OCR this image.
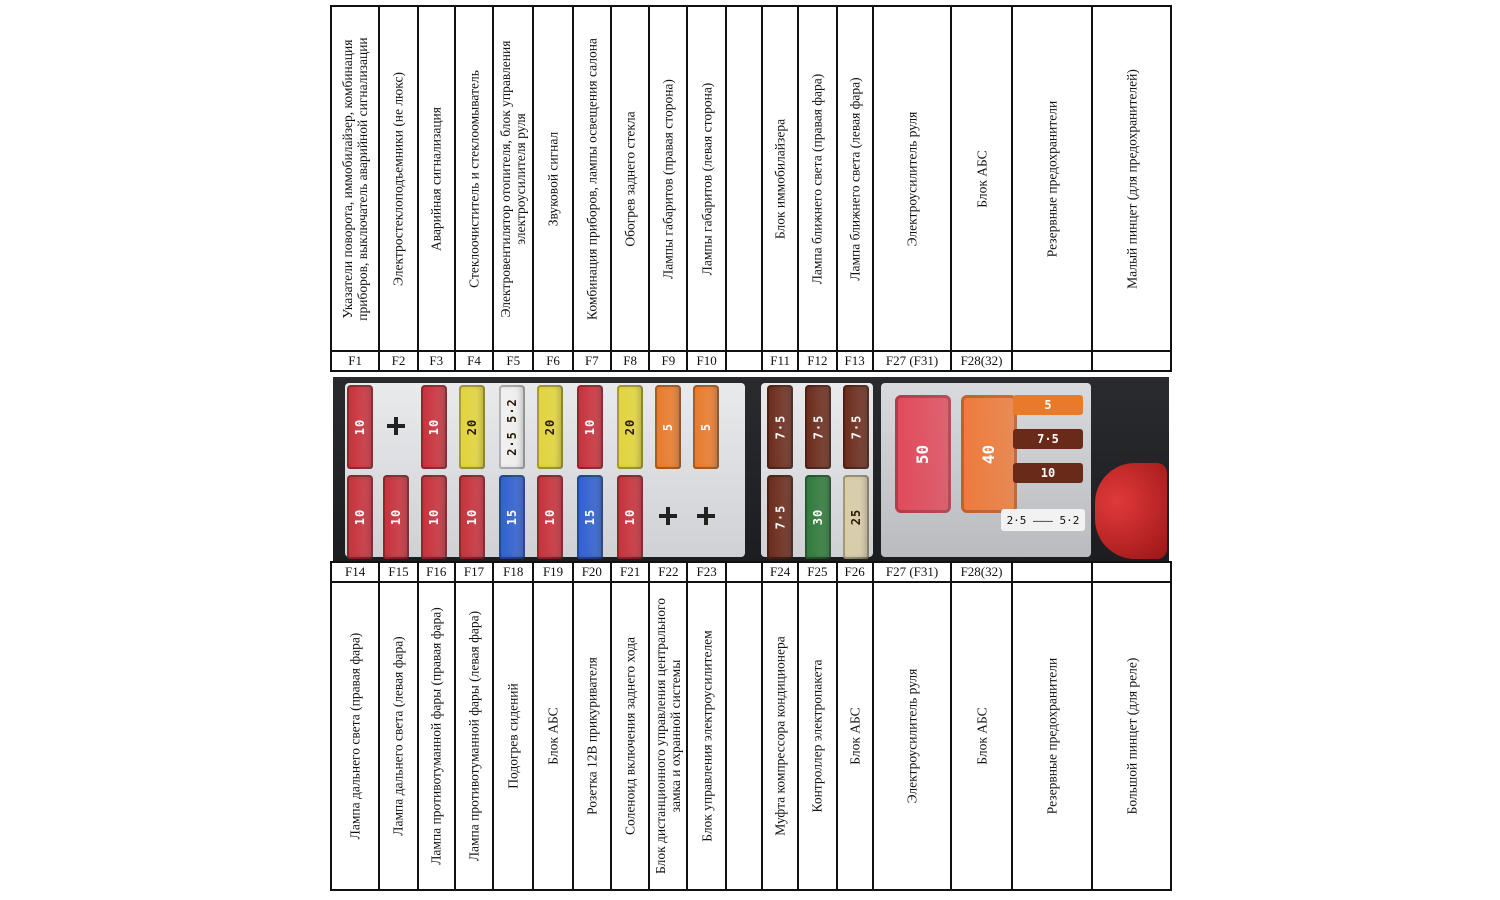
Указатели поворота, иммобилайзер, комбинация приборов, выключатель аварийной сигнализации	Электростеклоподъемники (не люкс)	Аварийная сигнализация	Стеклоочиститель и стеклоомыватель	Электровентилятор отопителя, блок управления электроусилителя руля	Звуковой сигнал	Комбинация приборов, лампы освещения салона	Обогрев заднего стекла	Лампы габаритов (правая сторона)	Лампы габаритов (левая сторона)		Блок иммобилайзера	Лампа ближнего света (правая фара)	Лампа ближнего света (левая фара)	Электроусилитель руля	Блок АБС	Резервные предохранители	Малый пинцет (для предохранителей)

F1	F2	F3	F4	F5	F6	F7	F8	F9	F10		F11	F12	F13	F27 (F31)	F28(32)		
10	10 20 2·5 5·2 20 10 20 5 5	7·5 7·5 7·5
10 10 10 10 15 10 15 10	7·5 30 25
50	40
5
7·5
10
2·5 ——— 5·2
F14	F15	F16	F17	F18	F19	F20	F21	F22	F23		F24	F25	F26	F27 (F31)	F28(32)		

Лампа дальнего света (правая фара)	Лампа дальнего света (левая фара)	Лампа противотуманной фары (правая фара)	Лампа противотуманной фары (левая фара)	Подогрев сидений	Блок АБС	Розетка 12В прикуривателя	Соленоид включения заднего хода	Блок дистанционного управления центрального замка и охранной системы	Блок управления электроусилителем		Муфта компрессора кондиционера	Контроллер электропакета	Блок АБС	Электроусилитель руля	Блок АБС	Резервные предохранители	Большой пинцет (для реле)
